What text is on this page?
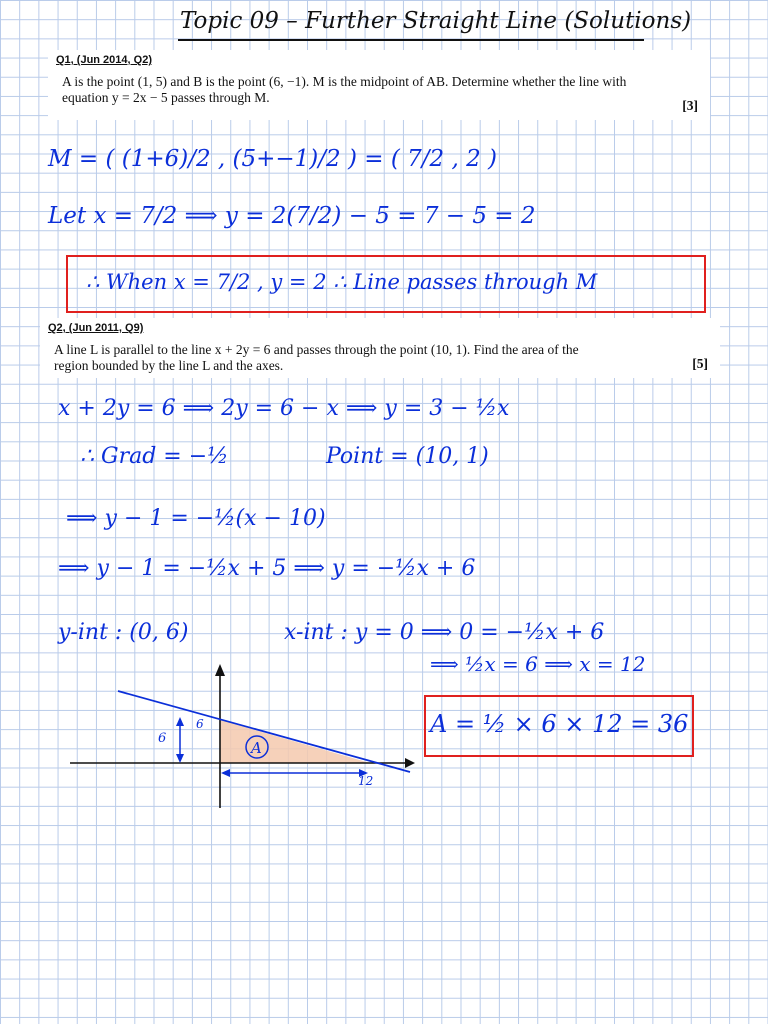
Topic 09 – Further Straight Line (Solutions)

Q1, (Jun 2014, Q2)

A is the point (1, 5) and B is the point (6, −1). M is the midpoint of AB. Determine whether the line with
equation y = 2x − 5 passes through M.

[3]

M = ( (1+6)/2 , (5+−1)/2 ) = ( 7/2 , 2 )

Let x = 7/2 ⟹ y = 2(7/2) − 5 = 7 − 5 = 2

∴ When x = 7/2 , y = 2 ∴ Line passes through M

Q2, (Jun 2011, Q9)

A line L is parallel to the line x + 2y = 6 and passes through the point (10, 1). Find the area of the
region bounded by the line L and the axes.	[5]

x + 2y = 6 ⟹ 2y = 6 − x ⟹ y = 3 − ½x

∴ Grad = −½	Point = (10, 1)

⟹ y − 1 = −½(x − 10)

⟹ y − 1 = −½x + 5 ⟹ y = −½x + 6

y-int : (0, 6)	x-int : y = 0 ⟹ 0 = −½x + 6

⟹ ½x = 6 ⟹ x = 12

A = ½ × 6 × 12 = 36

A
6
6
12
